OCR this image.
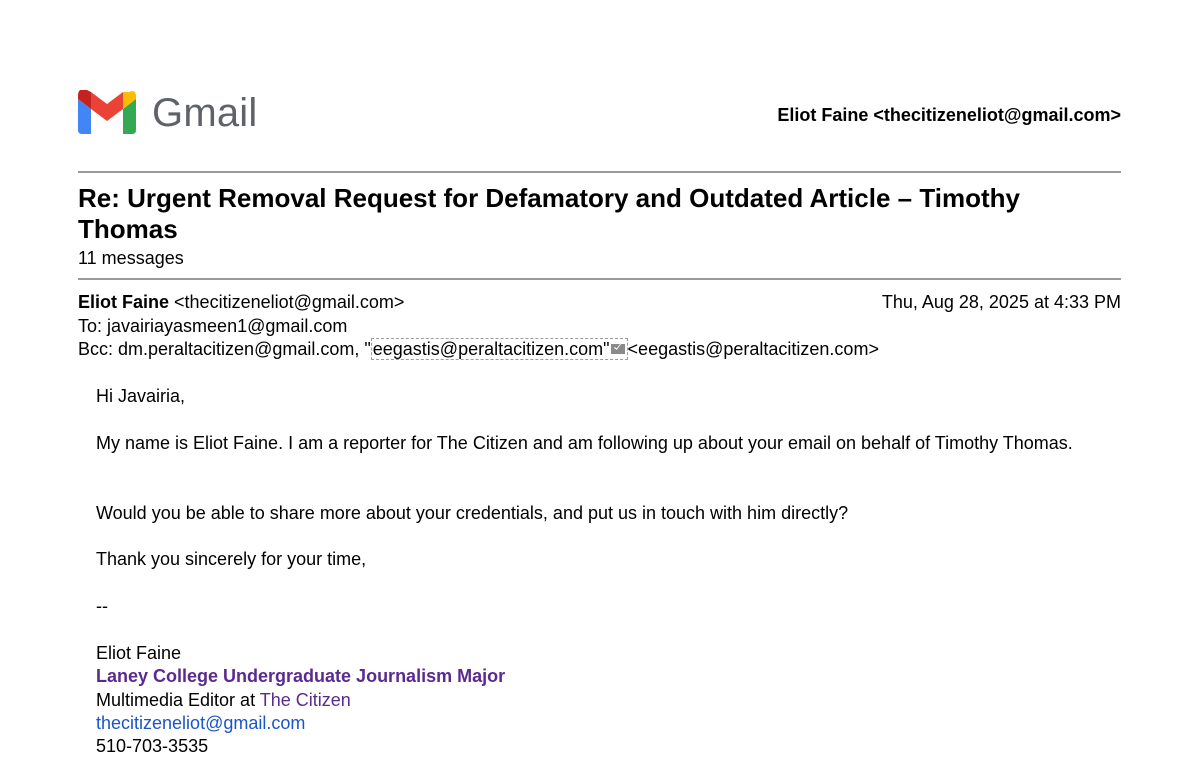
Gmail	Eliot Faine <thecitizeneliot@gmail.com>
Re: Urgent Removal Request for Defamatory and Outdated Article – Timothy Thomas
11 messages
Eliot Faine <thecitizeneliot@gmail.com>	Thu, Aug 28, 2025 at 4:33 PM
To: javairiayasmeen1@gmail.com
Bcc: dm.peraltacitizen@gmail.com, " eegastis@peraltacitizen.com" <eegastis@peraltacitizen.com>
Hi Javairia,
My name is Eliot Faine. I am a reporter for The Citizen and am following up about your email on behalf of Timothy Thomas.
Would you be able to share more about your credentials, and put us in touch with him directly?
Thank you sincerely for your time,
--
Eliot Faine
Laney College Undergraduate Journalism Major
Multimedia Editor at The Citizen
thecitizeneliot@gmail.com
510-703-3535
